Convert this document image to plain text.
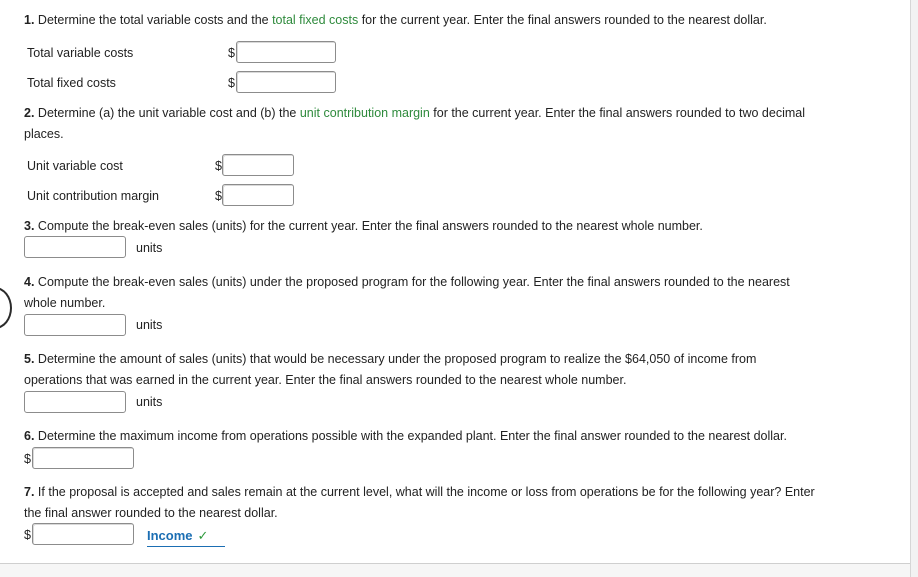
1. Determine the total variable costs and the total fixed costs for the current year. Enter the final answers rounded to the nearest dollar.
Total variable costs	$
Total fixed costs	$
2. Determine (a) the unit variable cost and (b) the unit contribution margin for the current year. Enter the final answers rounded to two decimal
places.
Unit variable cost	$
Unit contribution margin	$
3. Compute the break-even sales (units) for the current year. Enter the final answers rounded to the nearest whole number.
units
4. Compute the break-even sales (units) under the proposed program for the following year. Enter the final answers rounded to the nearest
whole number.
units
5. Determine the amount of sales (units) that would be necessary under the proposed program to realize the $64,050 of income from
operations that was earned in the current year. Enter the final answers rounded to the nearest whole number.
units
6. Determine the maximum income from operations possible with the expanded plant. Enter the final answer rounded to the nearest dollar.
$
7. If the proposal is accepted and sales remain at the current level, what will the income or loss from operations be for the following year? Enter
the final answer rounded to the nearest dollar.
$	Income ✓
